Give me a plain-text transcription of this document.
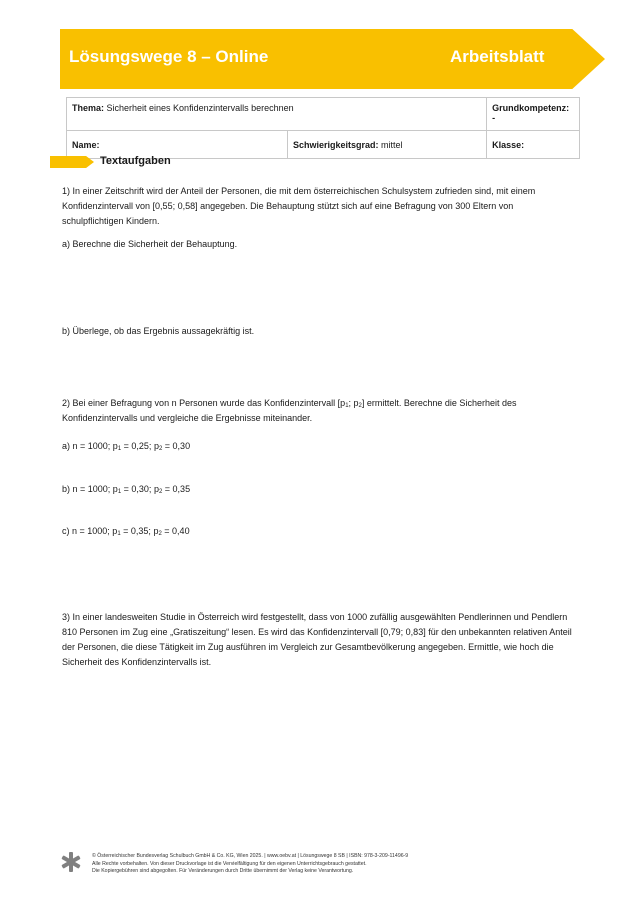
Lösungswege 8 – Online	Arbeitsblatt
Thema: Sicherheit eines Konfidenzintervalls berechnen		Grundkompetenz: -
Name:	Schwierigkeitsgrad: mittel	Klasse:
Textaufgaben
1) In einer Zeitschrift wird der Anteil der Personen, die mit dem österreichischen Schulsystem zufrieden sind, mit einem Konfidenzintervall von [0,55; 0,58] angegeben. Die Behauptung stützt sich auf eine Befragung von 300 Eltern von schulpflichtigen Kindern.
a) Berechne die Sicherheit der Behauptung.
b) Überlege, ob das Ergebnis aussagekräftig ist.
2) Bei einer Befragung von n Personen wurde das Konfidenzintervall [$p_1$; $p_2$] ermittelt. Berechne die Sicherheit des Konfidenzintervalls und vergleiche die Ergebnisse miteinander.
a) n = 1000; $p_1 = 0,25$; $p_2 = 0,30$
b) n = 1000; $p_1 = 0,30$; $p_2 = 0,35$
c) n = 1000; $p_1 = 0,35$; $p_2 = 0,40$
3) In einer landesweiten Studie in Österreich wird festgestellt, dass von 1000 zufällig ausgewählten Pendlerinnen und Pendlern 810 Personen im Zug eine „Gratiszeitung“ lesen. Es wird das Konfidenzintervall [0,79; 0,83] für den unbekannten relativen Anteil der Personen, die diese Tätigkeit im Zug ausführen im Vergleich zur Gesamtbevölkerung angegeben. Ermittle, wie hoch die Sicherheit des Konfidenzintervalls ist.
© Österreichischer Bundesverlag Schulbuch GmbH & Co. KG, Wien 2025. | www.oebv.at | Lösungswege 8 SB | ISBN: 978-3-209-11496-9
Alle Rechte vorbehalten. Von dieser Druckvorlage ist die Vervielfältigung für den eigenen Unterrichtsgebrauch gestattet.
Die Kopiergebühren sind abgegolten. Für Veränderungen durch Dritte übernimmt der Verlag keine Verantwortung.
